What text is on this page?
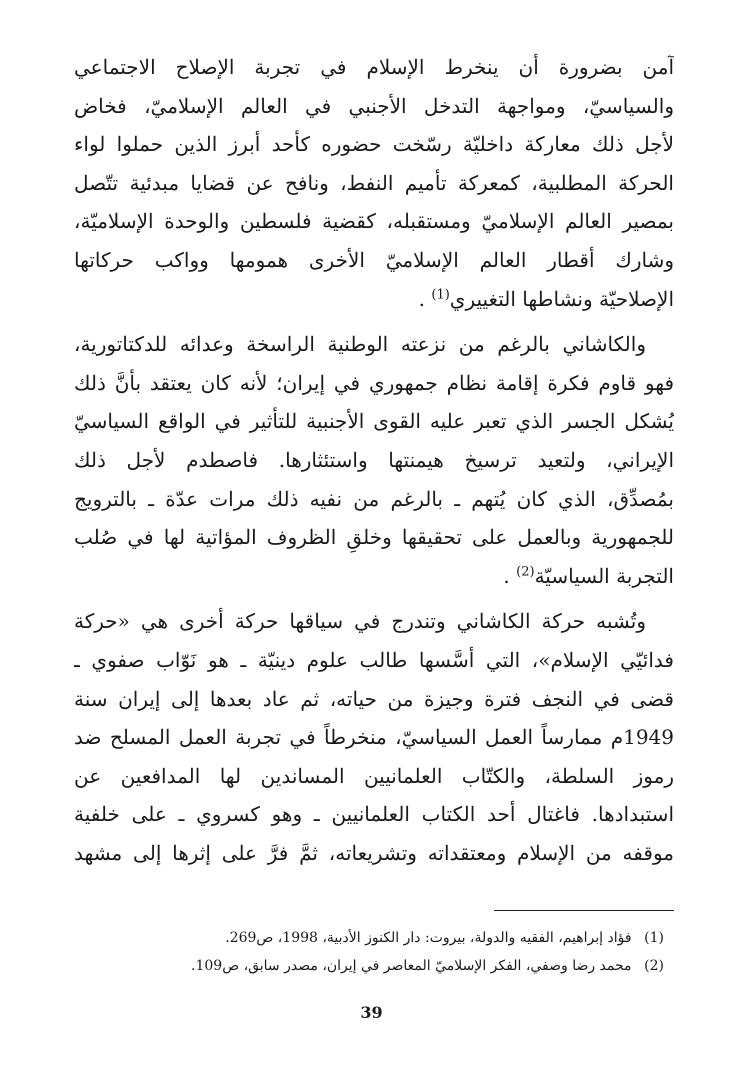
آمن بضرورة أن ينخرط الإسلام في تجربة الإصلاح الاجتماعي
والسياسيّ، ومواجهة التدخل الأجنبي في العالم الإسلاميّ، فخاض
لأجل ذلك معاركة داخليّة رسّخت حضوره كأحد أبرز الذين حملوا لواء
الحركة المطلبية، كمعركة تأميم النفط، ونافح عن قضايا مبدئية تتّصل
بمصير العالم الإسلاميّ ومستقبله، كقضية فلسطين والوحدة الإسلاميّة،
وشارك أقطار العالم الإسلاميّ الأخرى همومها وواكب حركاتها
الإصلاحيّة ونشاطها التغييري$^{(1)}$ .
والكاشاني بالرغم من نزعته الوطنية الراسخة وعدائه للدكتاتورية،
فهو قاوم فكرة إقامة نظام جمهوري في إيران؛ لأنه كان يعتقد بأنَّ ذلك
يُشكل الجسر الذي تعبر عليه القوى الأجنبية للتأثير في الواقع السياسيّ
الإيراني، ولتعيد ترسيخ هيمنتها واستئثارها. فاصطدم لأجل ذلك
بمُصدِّق، الذي كان يُتهم ـ بالرغم من نفيه ذلك مرات عدّة ـ بالترويج
للجمهورية وبالعمل على تحقيقها وخلقِ الظروف المؤاتية لها في صُلب
التجربة السياسيّة$^{(2)}$ .
وتُشبه حركة الكاشاني وتندرج في سياقها حركة أخرى هي «حركة
فدائيّي الإسلام»، التي أسَّسها طالب علوم دينيّة ـ هو نَوّاب صفوي ـ
قضى في النجف فترة وجيزة من حياته، ثم عاد بعدها إلى إيران سنة
1949م ممارساً العمل السياسيّ، منخرطاً في تجربة العمل المسلح ضد
رموز السلطة، والكتّاب العلمانيين المساندين لها المدافعين عن
استبدادها. فاغتال أحد الكتاب العلمانيين ـ وهو كسروي ـ على خلفية
موقفه من الإسلام ومعتقداته وتشريعاته، ثمَّ فرَّ على إثرها إلى مشهد
(1) فؤاد إبراهيم، الفقيه والدولة، بيروت: دار الكنوز الأدبية، 1998، ص269.
(2) محمد رضا وصفي، الفكر الإسلاميّ المعاصر في إيران، مصدر سابق، ص109.
39
